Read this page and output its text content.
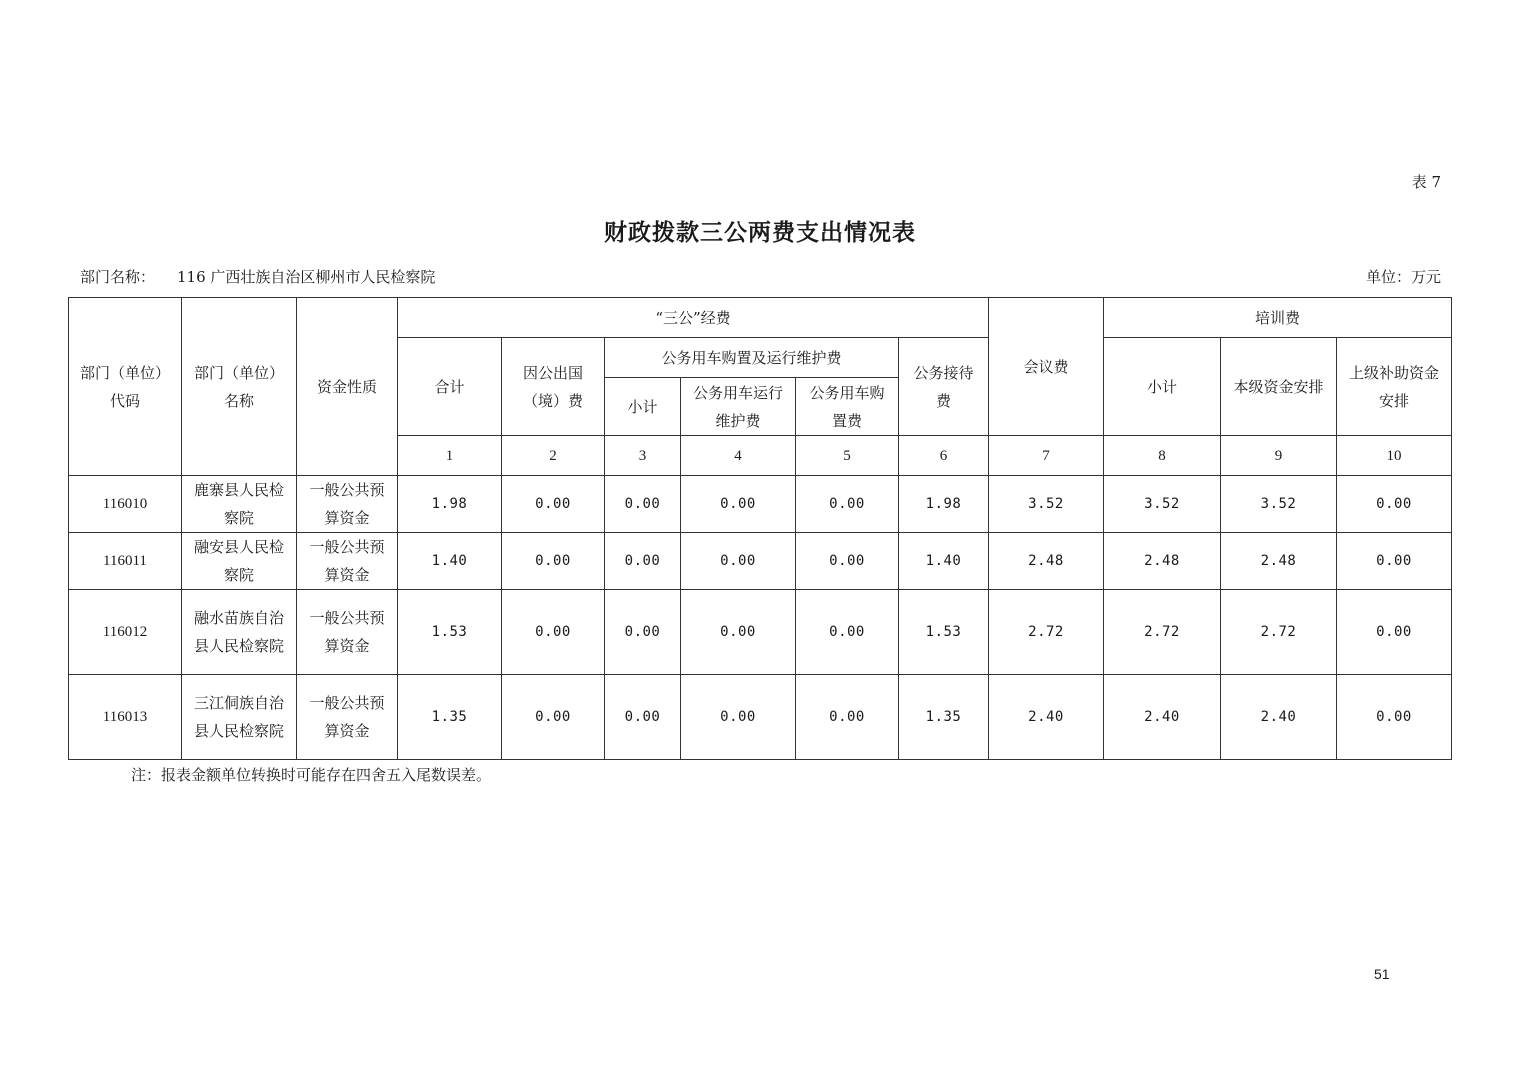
表 7
财政拨款三公两费支出情况表
部门名称： 116 广西壮族自治区柳州市人民检察院	单位：万元
部门（单位）代码	部门（单位）名称	资金性质	“三公”经费						会议费	培训费		
			合计	因公出国（境）费	公务用车购置及运行维护费			公务接待费		小计	本级资金安排	上级补助资金安排
					小计	公务用车运行维护费	公务用车购置费					
			1	2	3	4	5	6	7	8	9	10
116010	鹿寨县人民检察院	一般公共预算资金	1.98	0.00	0.00	0.00	0.00	1.98	3.52	3.52	3.52	0.00
116011	融安县人民检察院	一般公共预算资金	1.40	0.00	0.00	0.00	0.00	1.40	2.48	2.48	2.48	0.00
116012	融水苗族自治县人民检察院	一般公共预算资金	1.53	0.00	0.00	0.00	0.00	1.53	2.72	2.72	2.72	0.00
116013	三江侗族自治县人民检察院	一般公共预算资金	1.35	0.00	0.00	0.00	0.00	1.35	2.40	2.40	2.40	0.00
注：报表金额单位转换时可能存在四舍五入尾数误差。
51
